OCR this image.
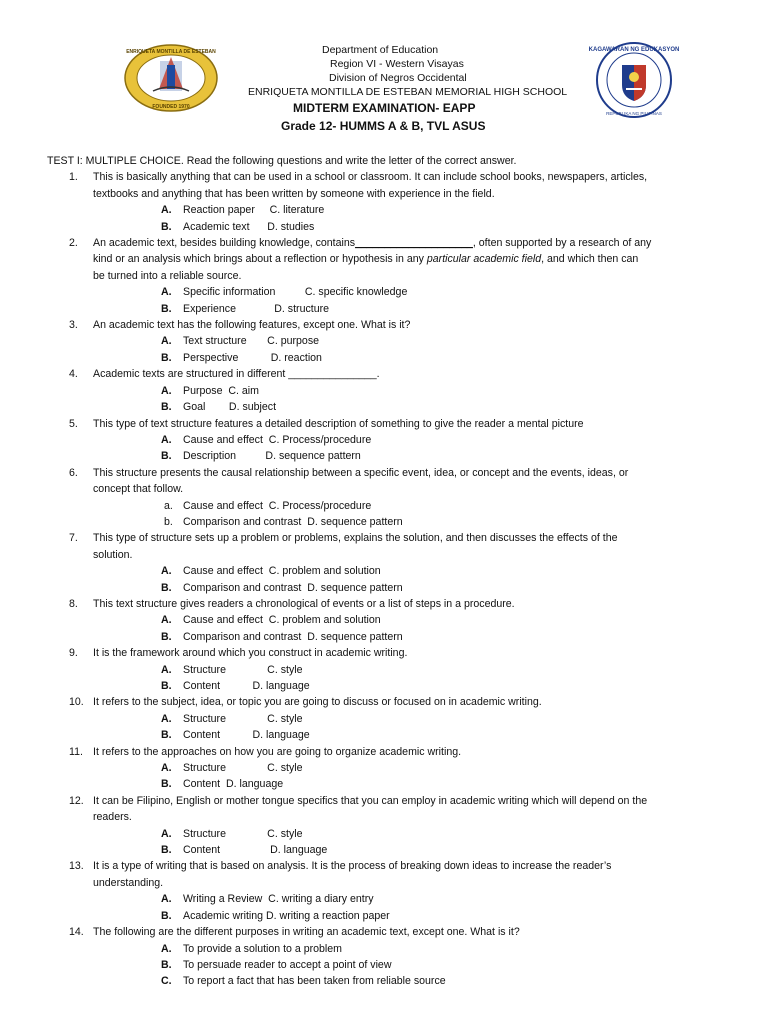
ENRIQUETA MONTILLA DE ESTEBAN
FOUNDED 1970
KAGAWARAN NG EDUKASYON
REPUBLIKA NG PILIPINAS
Department of Education
Region VI - Western Visayas
Division of Negros Occidental
ENRIQUETA MONTILLA DE ESTEBAN MEMORIAL HIGH SCHOOL
MIDTERM EXAMINATION- EAPP
Grade 12- HUMMS A & B, TVL ASUS
TEST I: MULTIPLE CHOICE. Read the following questions and write the letter of the correct answer.
1. This is basically anything that can be used in a school or classroom. It can include school books, newspapers, articles,
textbooks and anything that has been written by someone with experience in the field.
A. Reaction paper     C. literature
B. Academic text      D. studies
2. An academic text, besides building knowledge, contains____________________, often supported by a research of any
kind or an analysis which brings about a reflection or hypothesis in any particular academic field, and which then can
be turned into a reliable source.
A. Specific information          C. specific knowledge
B. Experience             D. structure
3. An academic text has the following features, except one. What is it?
A. Text structure       C. purpose
B. Perspective           D. reaction
4. Academic texts are structured in different _______________.
A. Purpose  C. aim
B. Goal        D. subject
5. This type of text structure features a detailed description of something to give the reader a mental picture
A. Cause and effect  C. Process/procedure
B. Description          D. sequence pattern
6. This structure presents the causal relationship between a specific event, idea, or concept and the events, ideas, or
concept that follow.
a. Cause and effect  C. Process/procedure
b. Comparison and contrast  D. sequence pattern
7. This type of structure sets up a problem or problems, explains the solution, and then discusses the effects of the
solution.
A. Cause and effect  C. problem and solution
B. Comparison and contrast  D. sequence pattern
8. This text structure gives readers a chronological of events or a list of steps in a procedure.
A. Cause and effect  C. problem and solution
B. Comparison and contrast  D. sequence pattern
9. It is the framework around which you construct in academic writing.
A. Structure              C. style
B. Content           D. language
10. It refers to the subject, idea, or topic you are going to discuss or focused on in academic writing.
A. Structure              C. style
B. Content           D. language
11. It refers to the approaches on how you are going to organize academic writing.
A. Structure              C. style
B. Content  D. language
12. It can be Filipino, English or mother tongue specifics that you can employ in academic writing which will depend on the
readers.
A. Structure              C. style
B. Content                 D. language
13. It is a type of writing that is based on analysis. It is the process of breaking down ideas to increase the reader’s
understanding.
A. Writing a Review  C. writing a diary entry
B. Academic writing D. writing a reaction paper
14. The following are the different purposes in writing an academic text, except one. What is it?
A. To provide a solution to a problem
B. To persuade reader to accept a point of view
C. To report a fact that has been taken from reliable source
